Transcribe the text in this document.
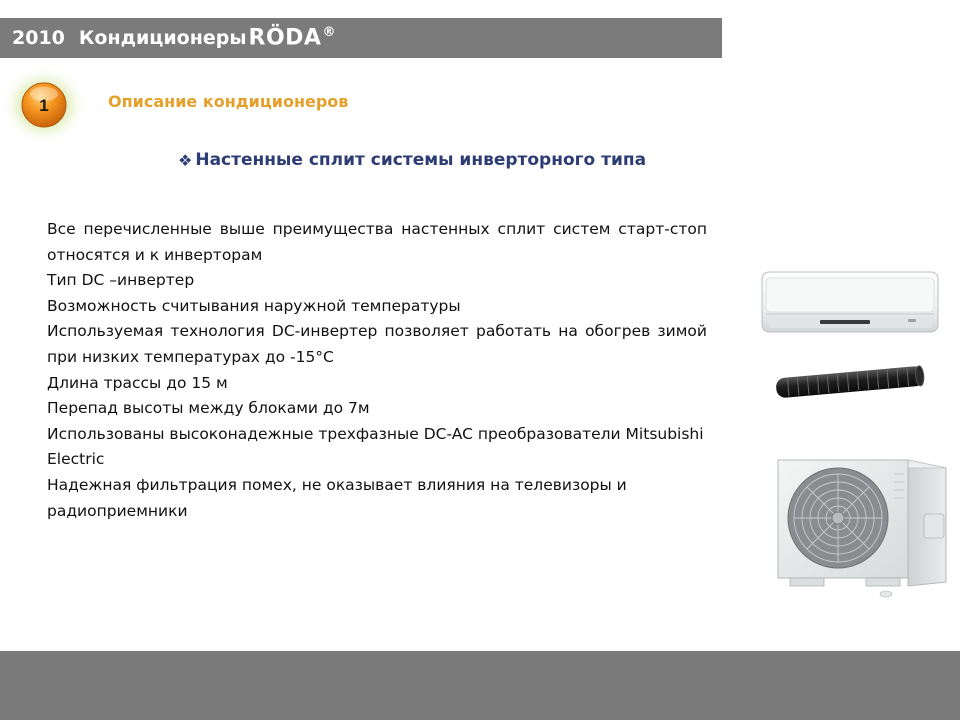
2010 Кондиционеры RÖDA®
1	Описание кондиционеров
❖ Настенные сплит системы инверторного типа

Все перечисленные выше преимущества настенных сплит систем старт-стоп относятся и к инверторам

Тип DC –инвертер

Возможность считывания наружной температуры

Используемая технология DC-инвертер позволяет работать на обогрев зимой при низких температурах до -15°С

Длина трассы до 15 м

Перепад высоты между блоками до 7м

Использованы высоконадежные трехфазные DC-AC преобразователи Mitsubishi Electric

Надежная фильтрация помех, не оказывает влияния на телевизоры и радиоприемники
